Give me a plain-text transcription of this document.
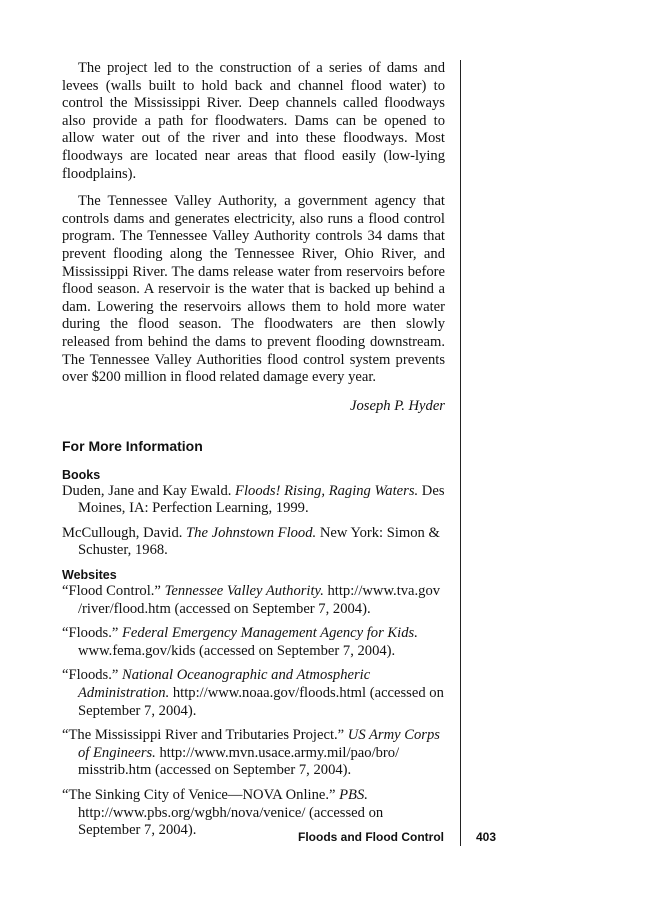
The project led to the construction of a series of dams and levees (walls built to hold back and channel flood water) to control the Mississippi River. Deep channels called floodways also provide a path for floodwaters. Dams can be opened to allow water out of the river and into these floodways. Most floodways are located near areas that flood easily (low-lying floodplains).

The Tennessee Valley Authority, a government agency that controls dams and generates electricity, also runs a flood control program. The Tennessee Valley Authority controls 34 dams that prevent flooding along the Tennessee River, Ohio River, and Mississippi River. The dams release water from reservoirs before flood season. A reservoir is the water that is backed up behind a dam. Lowering the reservoirs allows them to hold more water during the flood season. The floodwaters are then slowly released from behind the dams to prevent flooding downstream. The Tennessee Valley Authorities flood control system prevents over $200 million in flood related damage every year.

Joseph P. Hyder

For More Information
Books

Duden, Jane and Kay Ewald. Floods! Rising, Raging Waters. Des Moines, IA: Perfection Learning, 1999.

McCullough, David. The Johnstown Flood. New York: Simon & Schuster, 1968.

Websites

“Flood Control.” Tennessee Valley Authority. http://www.tva.gov /river/flood.htm (accessed on September 7, 2004).

“Floods.” Federal Emergency Management Agency for Kids. www.fema.gov/kids (accessed on September 7, 2004).

“Floods.” National Oceanographic and Atmospheric Administration. http://www.noaa.gov/floods.html (accessed on September 7, 2004).

“The Mississippi River and Tributaries Project.” US Army Corps of Engineers. http://www.mvn.usace.army.mil/pao/bro/ misstrib.htm (accessed on September 7, 2004).

“The Sinking City of Venice—NOVA Online.” PBS. http://www.pbs.org/wgbh/nova/venice/ (accessed on September 7, 2004).	Floods and Flood Control	403
